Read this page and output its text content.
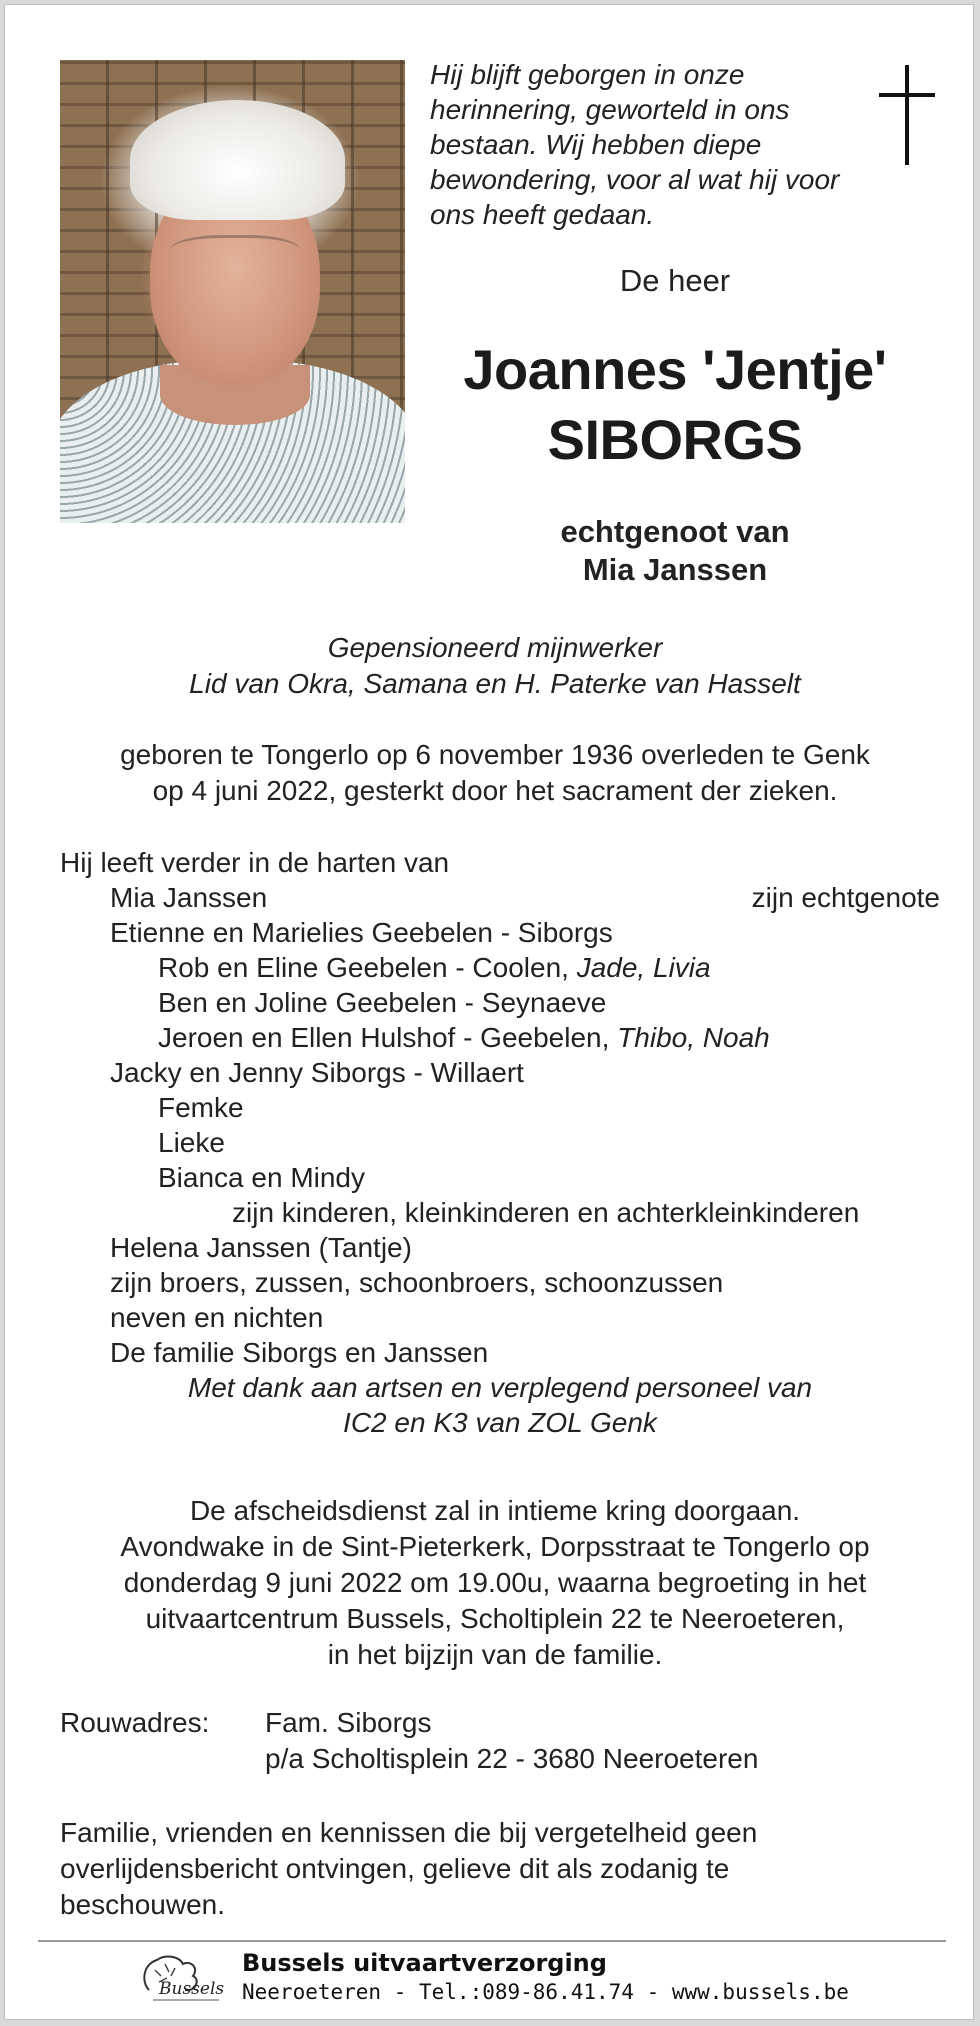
Hij blijft geborgen in onze herinnering, geworteld in ons bestaan. Wij hebben diepe bewondering, voor al wat hij voor ons heeft gedaan.
De heer
Joannes 'Jentje'
SIBORGS
echtgenoot van
Mia Janssen
Gepensioneerd mijnwerker
Lid van Okra, Samana en H. Paterke van Hasselt
geboren te Tongerlo op 6 november 1936 overleden te Genk
op 4 juni 2022, gesterkt door het sacrament der zieken.
Hij leeft verder in de harten van
Mia Janssen	zijn echtgenote
Etienne en Marielies Geebelen - Siborgs
Rob en Eline Geebelen - Coolen, Jade, Livia
Ben en Joline Geebelen - Seynaeve
Jeroen en Ellen Hulshof - Geebelen, Thibo, Noah
Jacky en Jenny Siborgs - Willaert
Femke
Lieke
Bianca en Mindy
zijn kinderen, kleinkinderen en achterkleinkinderen
Helena Janssen (Tantje)
zijn broers, zussen, schoonbroers, schoonzussen
neven en nichten
De familie Siborgs en Janssen
Met dank aan artsen en verplegend personeel van
IC2 en K3 van ZOL Genk
De afscheidsdienst zal in intieme kring doorgaan.
Avondwake in de Sint-Pieterkerk, Dorpsstraat te Tongerlo op
donderdag 9 juni 2022 om 19.00u, waarna begroeting in het
uitvaartcentrum Bussels, Scholtiplein 22 te Neeroeteren,
in het bijzijn van de familie.
Rouwadres: Fam. Siborgs
p/a Scholtisplein 22 - 3680 Neeroeteren
Familie, vrienden en kennissen die bij vergetelheid geen overlijdensbericht ontvingen, gelieve dit als zodanig te beschouwen.
Bussels
Bussels uitvaartverzorging
Neeroeteren - Tel.:089-86.41.74 - www.bussels.be
